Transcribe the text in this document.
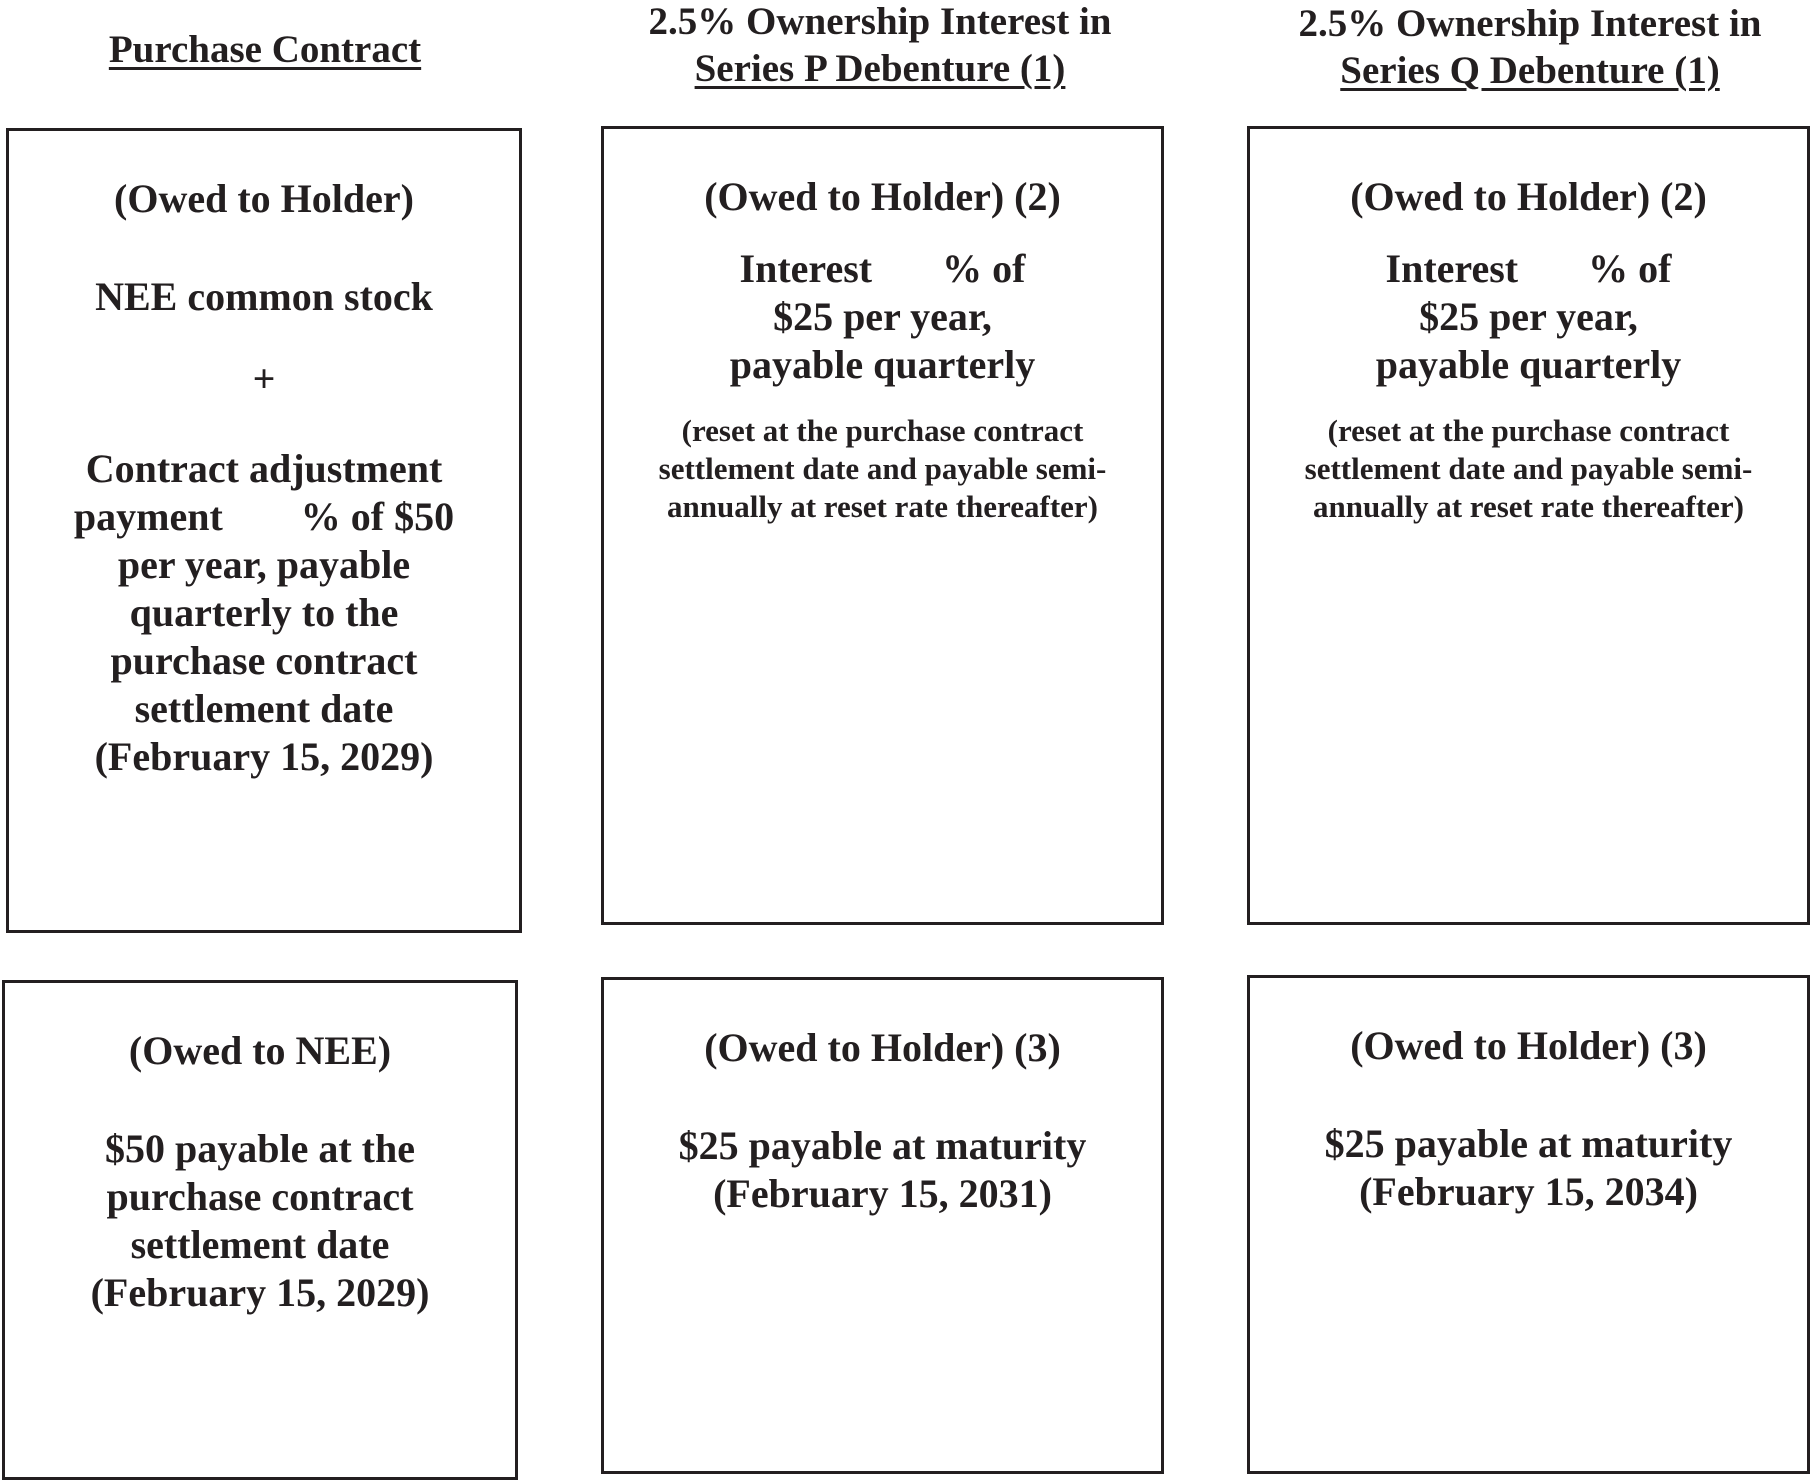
Purchase Contract
2.5% Ownership Interest in
Series P Debenture (1)
2.5% Ownership Interest in
Series Q Debenture (1)
(Owed to Holder)
NEE common stock
+
Contract adjustment
payment % of $50
per year, payable
quarterly to the
purchase contract
settlement date
(February 15, 2029)
(Owed to Holder) (2)
Interest % of
$25 per year,
payable quarterly
(reset at the purchase contract
settlement date and payable semi-
annually at reset rate thereafter)
(Owed to Holder) (2)
Interest % of
$25 per year,
payable quarterly
(reset at the purchase contract
settlement date and payable semi-
annually at reset rate thereafter)
(Owed to NEE)
$50 payable at the
purchase contract
settlement date
(February 15, 2029)
(Owed to Holder) (3)
$25 payable at maturity
(February 15, 2031)
(Owed to Holder) (3)
$25 payable at maturity
(February 15, 2034)
